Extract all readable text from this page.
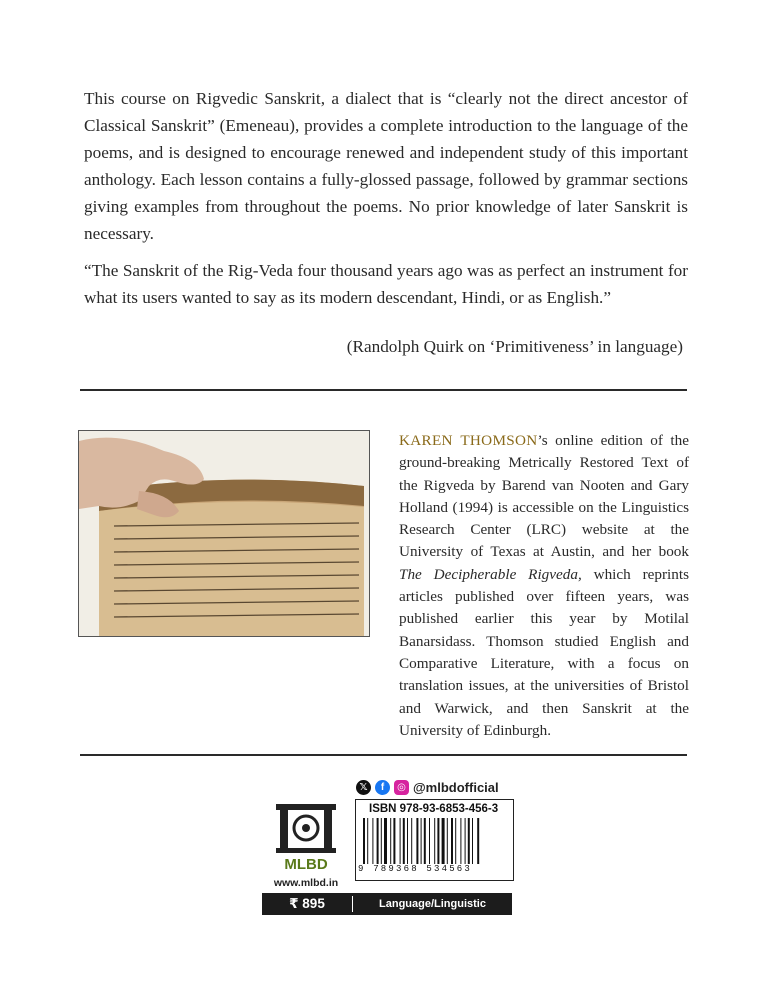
This course on Rigvedic Sanskrit, a dialect that is “clearly not the direct ancestor of Classical Sanskrit” (Emeneau), provides a complete introduction to the language of the poems, and is designed to encourage renewed and independent study of this important anthology. Each lesson contains a fully-glossed passage, followed by grammar sections giving examples from throughout the poems. No prior knowledge of later Sanskrit is necessary.

“The Sanskrit of the Rig-Veda four thousand years ago was as perfect an instrument for what its users wanted to say as its modern descendant, Hindi, or as English.”

(Randolph Quirk on ‘Primitiveness’ in language)

KAREN THOMSON’s online edition of the ground-breaking Metrically Restored Text of the Rigveda by Barend van Nooten and Gary Holland (1994) is accessible on the Linguistics Research Center (LRC) website at the University of Texas at Austin, and her book The Decipherable Rigveda, which reprints articles published over fifteen years, was published earlier this year by Motilal Banarsidass. Thomson studied English and Comparative Literature, with a focus on translation issues, at the universities of Bristol and Warwick, and then Sanskrit at the University of Edinburgh.

𝕏	f	◎ @mlbdofficial
MLBD
www.mlbd.in
ISBN 978-93-6853-456-3
9 789368 534563
₹ 895	Language/Linguistic
